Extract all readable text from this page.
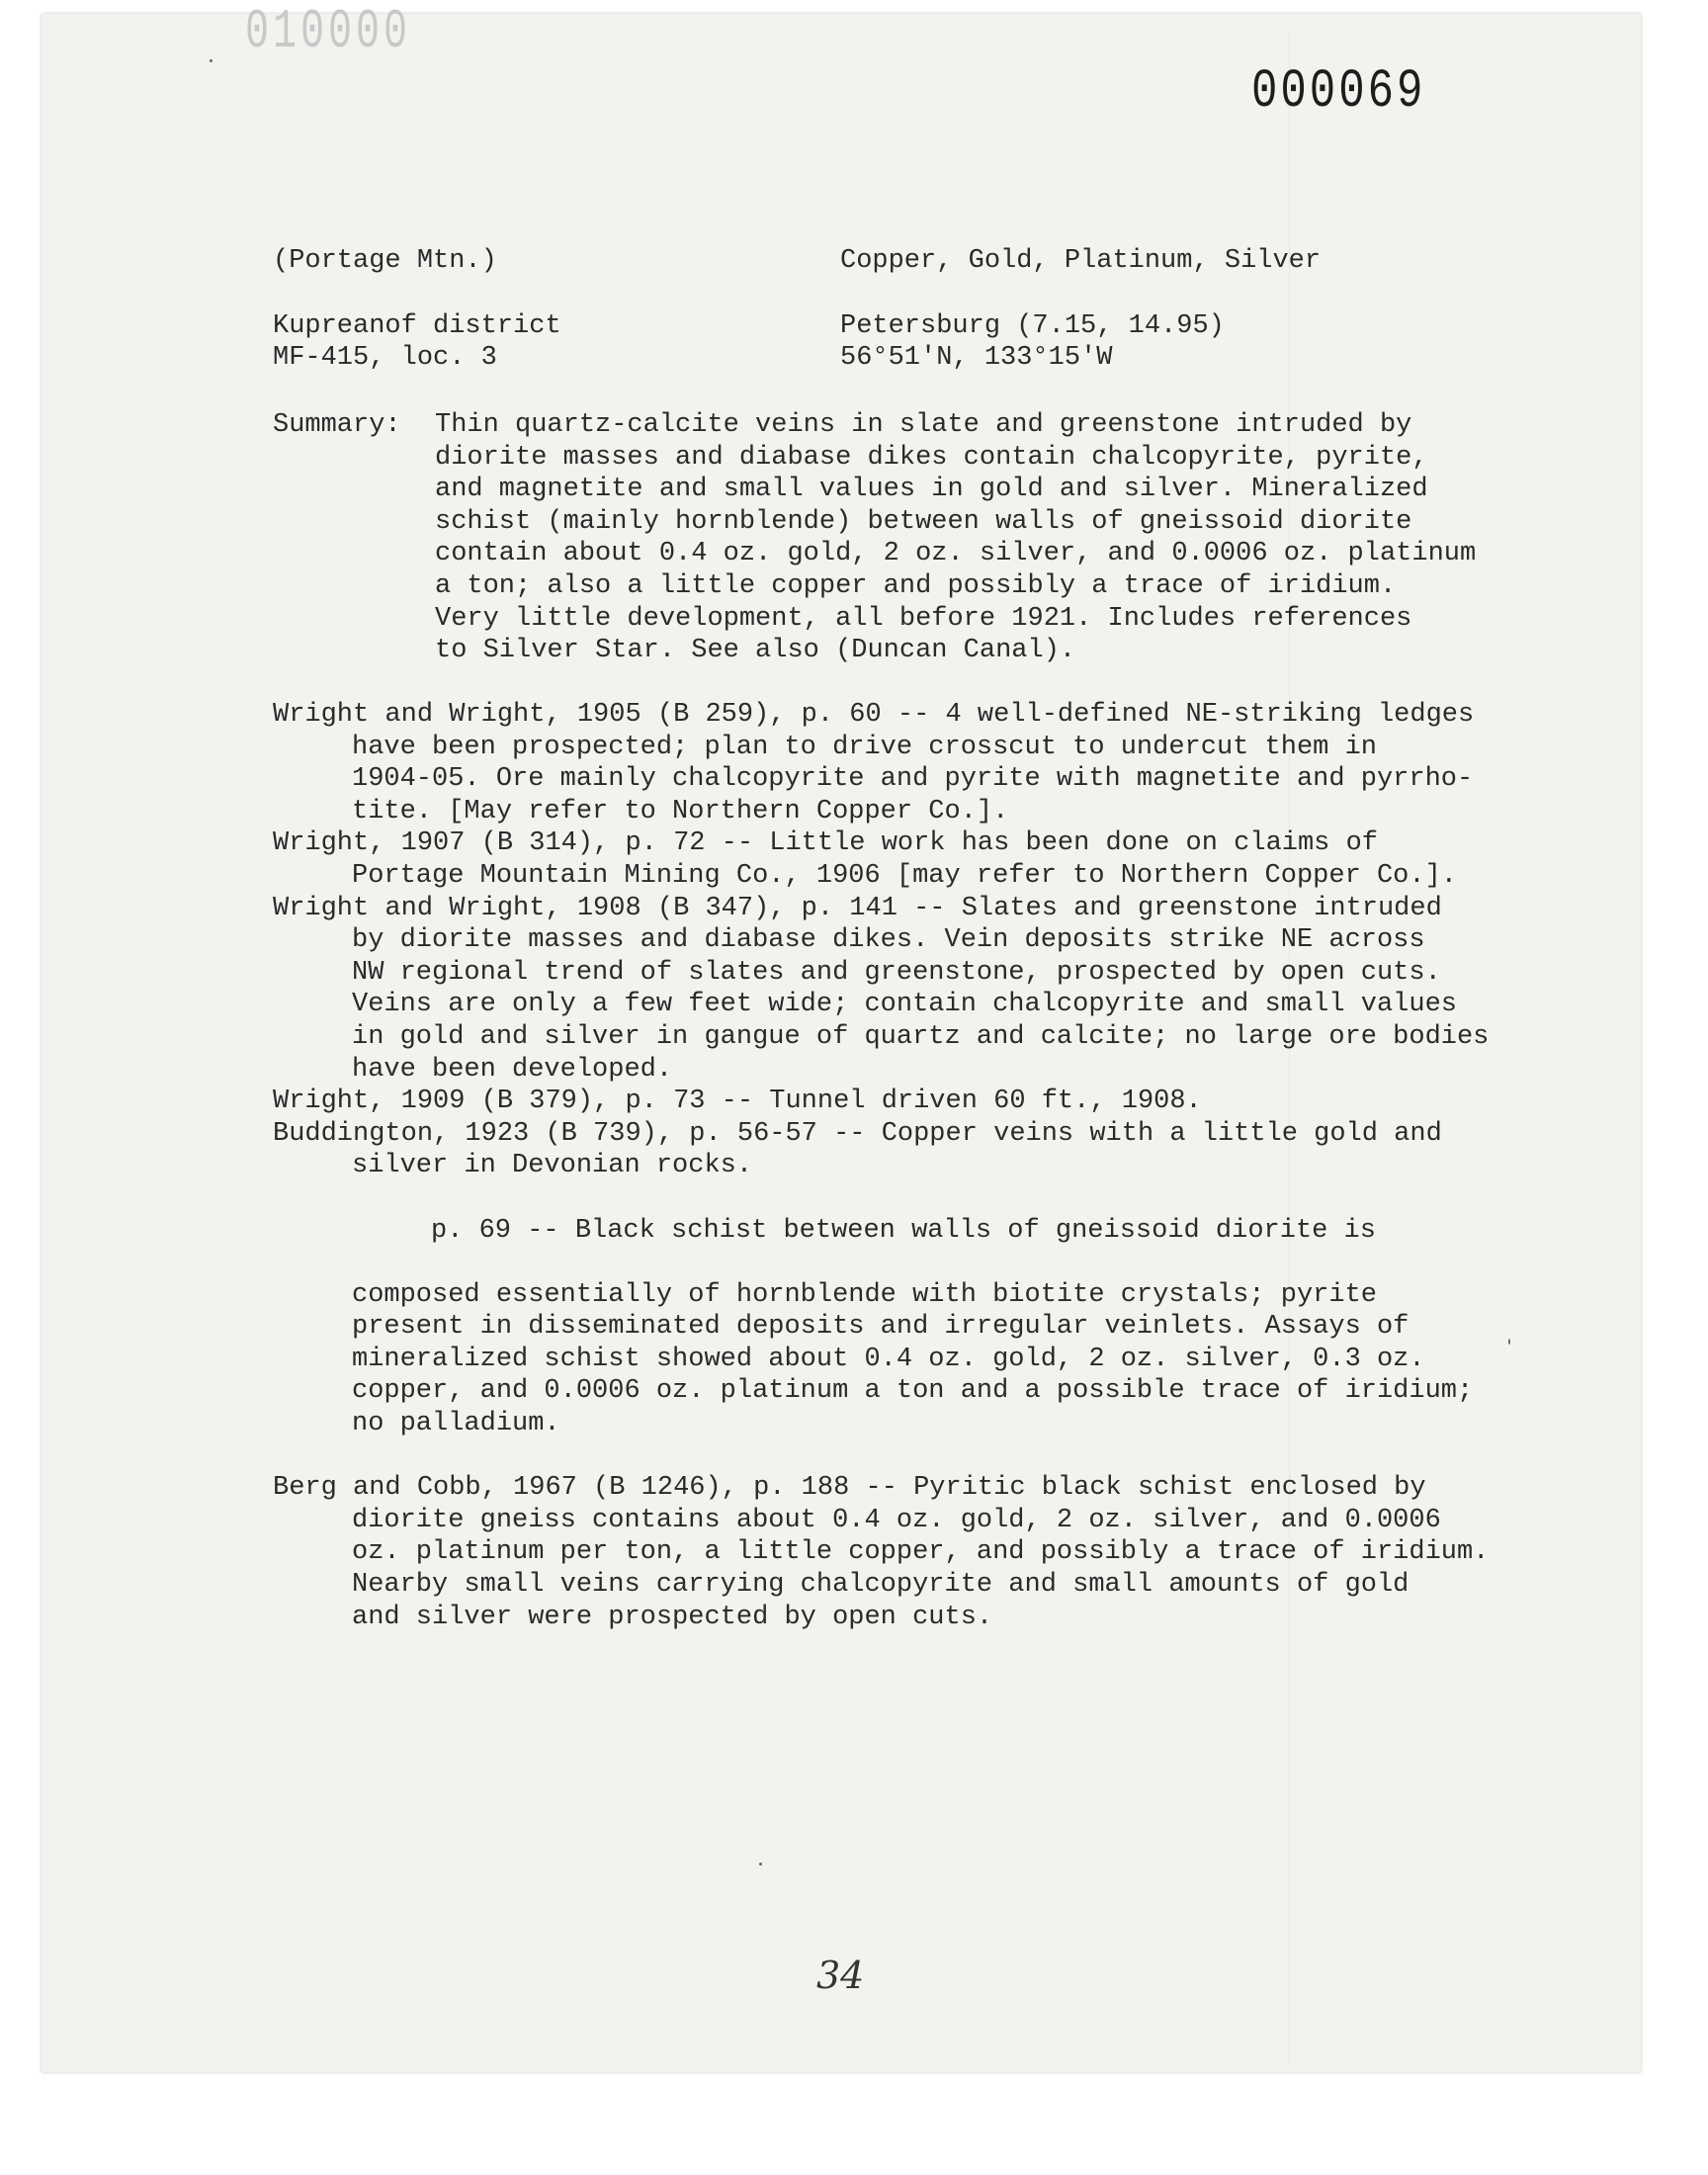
010000
000069
(Portage Mtn.)	Copper, Gold, Platinum, Silver
Kupreanof district	Petersburg (7.15, 14.95)
MF-415, loc. 3	56°51'N, 133°15'W
Summary: Thin quartz-calcite veins in slate and greenstone intruded by
diorite masses and diabase dikes contain chalcopyrite, pyrite,
and magnetite and small values in gold and silver. Mineralized
schist (mainly hornblende) between walls of gneissoid diorite
contain about 0.4 oz. gold, 2 oz. silver, and 0.0006 oz. platinum
a ton; also a little copper and possibly a trace of iridium.
Very little development, all before 1921. Includes references
to Silver Star. See also (Duncan Canal).

Wright and Wright, 1905 (B 259), p. 60 -- 4 well-defined NE-striking ledges
have been prospected; plan to drive crosscut to undercut them in
1904-05. Ore mainly chalcopyrite and pyrite with magnetite and pyrrho-
tite. [May refer to Northern Copper Co.].

Wright, 1907 (B 314), p. 72 -- Little work has been done on claims of
Portage Mountain Mining Co., 1906 [may refer to Northern Copper Co.].

Wright and Wright, 1908 (B 347), p. 141 -- Slates and greenstone intruded
by diorite masses and diabase dikes. Vein deposits strike NE across
NW regional trend of slates and greenstone, prospected by open cuts.
Veins are only a few feet wide; contain chalcopyrite and small values
in gold and silver in gangue of quartz and calcite; no large ore bodies
have been developed.

Wright, 1909 (B 379), p. 73 -- Tunnel driven 60 ft., 1908.

Buddington, 1923 (B 739), p. 56-57 -- Copper veins with a little gold and
silver in Devonian rocks.

p. 69 -- Black schist between walls of gneissoid diorite is

composed essentially of hornblende with biotite crystals; pyrite
present in disseminated deposits and irregular veinlets. Assays of
mineralized schist showed about 0.4 oz. gold, 2 oz. silver, 0.3 oz.
copper, and 0.0006 oz. platinum a ton and a possible trace of iridium;
no palladium.

Berg and Cobb, 1967 (B 1246), p. 188 -- Pyritic black schist enclosed by
diorite gneiss contains about 0.4 oz. gold, 2 oz. silver, and 0.0006
oz. platinum per ton, a little copper, and possibly a trace of iridium.
Nearby small veins carrying chalcopyrite and small amounts of gold
and silver were prospected by open cuts.

34
